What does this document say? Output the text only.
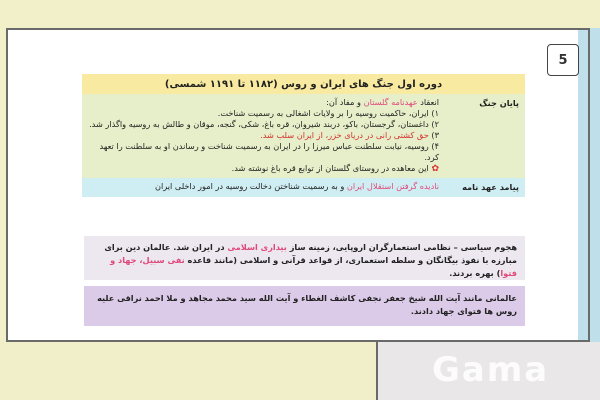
5
دوره اول جنگ های ایران و روس (۱۱۸۲ تا ۱۱۹۱ شمسی)
پایان جنگ
انعقاد عهدنامه گلستان و مفاد آن:
۱) ایران، حاکمیت روسیه را بر ولایات اشغالی به رسمیت شناخت.
۲) داغستان، گرجستان، باکو، دربند شیروان، قره باغ، شکی، گنجه، موقان و طالش به روسیه واگذار شد.
۳) حق کشتی رانی در دریای خزر، از ایران سلب شد.
۴) روسیه، نیابت سلطنت عباس میرزا را در ایران به رسمیت شناخت و رساندن او به سلطنت را تعهد کرد.
✿ این معاهده در روستای گلستان از توابع قره باغ نوشته شد.
پیامد عهد نامه
نادیده گرفتن استقلال ایران و به رسمیت شناختن دخالت روسیه در امور داخلی ایران
هجوم سیاسی – نظامی استعمارگران اروپایی، زمینه ساز بیداری اسلامی در ایران شد. عالمان دین برای مبارزه با نفوذ بیگانگان و سلطه استعماری، از قواعد قرآنی و اسلامی (مانند قاعده نفی سبیل، جهاد و فتوا) بهره بردند.
عالمانی مانند آیت الله شیخ جعفر نجفی کاشف الغطاء و آیت الله سید محمد مجاهد و ملا احمد نراقی علیه روس ها فتوای جهاد دادند.
Gama
